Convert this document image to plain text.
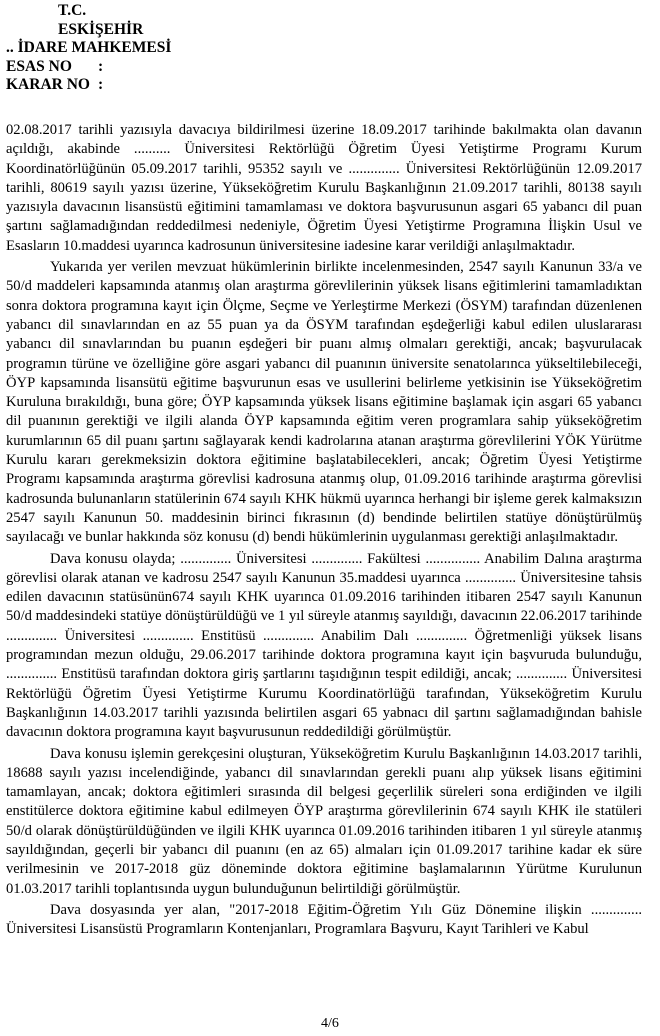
T.C.
ESKİŞEHİR
.. İDARE MAHKEMESİ
ESAS NO	:
KARAR NO :

02.08.2017 tarihli yazısıyla davacıya bildirilmesi üzerine 18.09.2017 tarihinde bakılmakta olan davanın açıldığı, akabinde .......... Üniversitesi Rektörlüğü Öğretim Üyesi Yetiştirme Programı Kurum Koordinatörlüğünün 05.09.2017 tarihli, 95352 sayılı ve .............. Üniversitesi Rektörlüğünün 12.09.2017 tarihli, 80619 sayılı yazısı üzerine, Yükseköğretim Kurulu Başkanlığının 21.09.2017 tarihli, 80138 sayılı yazısıyla davacının lisansüstü eğitimini tamamlaması ve doktora başvurusunun asgari 65 yabancı dil puan şartını sağlamadığından reddedilmesi nedeniyle, Öğretim Üyesi Yetiştirme Programına İlişkin Usul ve Esasların 10.maddesi uyarınca kadrosunun üniversitesine iadesine karar verildiği anlaşılmaktadır.

Yukarıda yer verilen mevzuat hükümlerinin birlikte incelenmesinden, 2547 sayılı Kanunun 33/a ve 50/d maddeleri kapsamında atanmış olan araştırma görevlilerinin yüksek lisans eğitimlerini tamamladıktan sonra doktora programına kayıt için Ölçme, Seçme ve Yerleştirme Merkezi (ÖSYM) tarafından düzenlenen yabancı dil sınavlarından en az 55 puan ya da ÖSYM tarafından eşdeğerliği kabul edilen uluslararası yabancı dil sınavlarından bu puanın eşdeğeri bir puanı almış olmaları gerektiği, ancak; başvurulacak programın türüne ve özelliğine göre asgari yabancı dil puanının üniversite senatolarınca yükseltilebileceği, ÖYP kapsamında lisansütü eğitime başvurunun esas ve usullerini belirleme yetkisinin ise Yükseköğretim Kuruluna bırakıldığı, buna göre; ÖYP kapsamında yüksek lisans eğitimine başlamak için asgari 65 yabancı dil puanının gerektiği ve ilgili alanda ÖYP kapsamında eğitim veren programlara sahip yükseköğretim kurumlarının 65 dil puanı şartını sağlayarak kendi kadrolarına atanan araştırma görevlilerini YÖK Yürütme Kurulu kararı gerekmeksizin doktora eğitimine başlatabilecekleri, ancak; Öğretim Üyesi Yetiştirme Programı kapsamında araştırma görevlisi kadrosuna atanmış olup, 01.09.2016 tarihinde araştırma görevlisi kadrosunda bulunanların statülerinin 674 sayılı KHK hükmü uyarınca herhangi bir işleme gerek kalmaksızın 2547 sayılı Kanunun 50. maddesinin birinci fıkrasının (d) bendinde belirtilen statüye dönüştürülmüş sayılacağı ve bunlar hakkında söz konusu (d) bendi hükümlerinin uygulanması gerektiği anlaşılmaktadır.

Dava konusu olayda; .............. Üniversitesi .............. Fakültesi ............... Anabilim Dalına araştırma görevlisi olarak atanan ve kadrosu 2547 sayılı Kanunun 35.maddesi uyarınca .............. Üniversitesine tahsis edilen davacının statüsünün674 sayılı KHK uyarınca 01.09.2016 tarihinden itibaren 2547 sayılı Kanunun 50/d maddesindeki statüye dönüştürüldüğü ve 1 yıl süreyle atanmış sayıldığı, davacının 22.06.2017 tarihinde .............. Üniversitesi .............. Enstitüsü .............. Anabilim Dalı .............. Öğretmenliği yüksek lisans programından mezun olduğu, 29.06.2017 tarihinde doktora programına kayıt için başvuruda bulunduğu, .............. Enstitüsü tarafından doktora giriş şartlarını taşıdığının tespit edildiği, ancak; .............. Üniversitesi Rektörlüğü Öğretim Üyesi Yetiştirme Kurumu Koordinatörlüğü tarafından, Yükseköğretim Kurulu Başkanlığının 14.03.2017 tarihli yazısında belirtilen asgari 65 yabnacı dil şartını sağlamadığından bahisle davacının doktora programına kayıt başvurusunun reddedildiği görülmüştür.

Dava konusu işlemin gerekçesini oluşturan, Yükseköğretim Kurulu Başkanlığının 14.03.2017 tarihli, 18688 sayılı yazısı incelendiğinde, yabancı dil sınavlarından gerekli puanı alıp yüksek lisans eğitimini tamamlayan, ancak; doktora eğitimleri sırasında dil belgesi geçerlilik süreleri sona erdiğinden ve ilgili enstitülerce doktora eğitimine kabul edilmeyen ÖYP araştırma görevlilerinin 674 sayılı KHK ile statüleri 50/d olarak dönüştürüldüğünden ve ilgili KHK uyarınca 01.09.2016 tarihinden itibaren 1 yıl süreyle atanmış sayıldığından, geçerli bir yabancı dil puanını (en az 65) almaları için 01.09.2017 tarihine kadar ek süre verilmesinin ve 2017-2018 güz döneminde doktora eğitimine başlamalarının Yürütme Kurulunun 01.03.2017 tarihli toplantısında uygun bulunduğunun belirtildiği görülmüştür.

Dava dosyasında yer alan, "2017-2018 Eğitim-Öğretim Yılı Güz Dönemine ilişkin .............. Üniversitesi Lisansüstü Programların Kontenjanları, Programlara Başvuru, Kayıt Tarihleri ve Kabul

4/6
